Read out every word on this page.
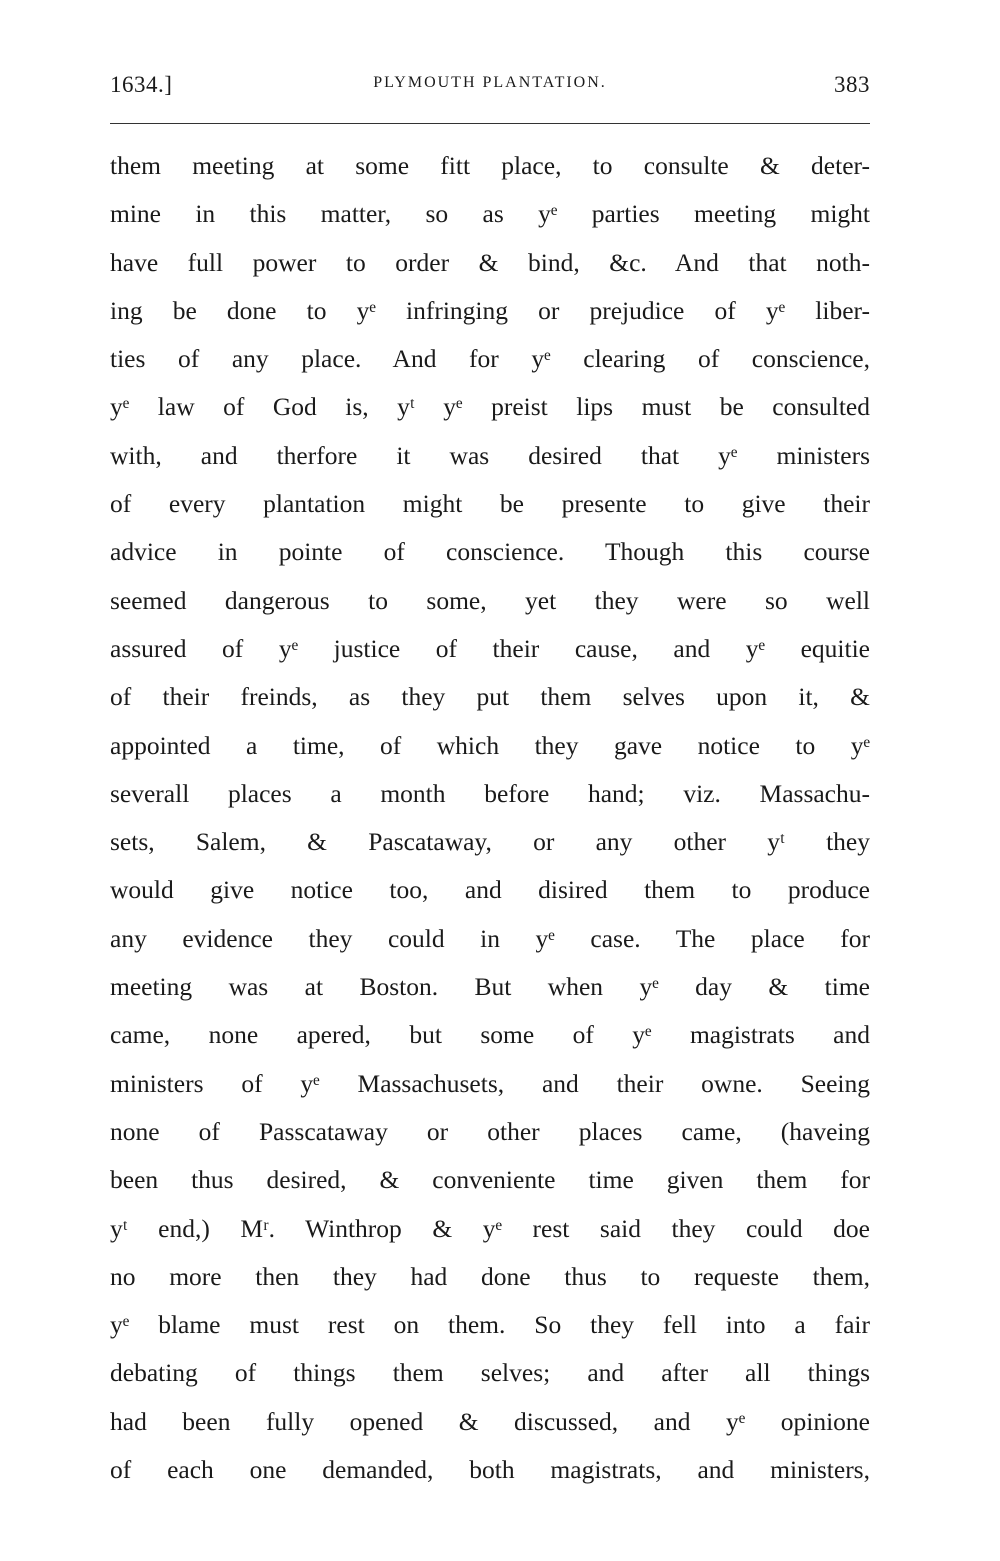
1634.]	PLYMOUTH PLANTATION.	383
them meeting at some fitt place, to consulte & deter-
mine in this matter, so as yᵉ parties meeting might
have full power to order & bind, &c. And that noth-
ing be done to yᵉ infringing or prejudice of yᵉ liber-
ties of any place. And for yᵉ clearing of conscience,
yᵉ law of God is, yᵗ yᵉ preist lips must be consulted
with, and therfore it was desired that yᵉ ministers
of every plantation might be presente to give their
advice in pointe of conscience. Though this course
seemed dangerous to some, yet they were so well
assured of yᵉ justice of their cause, and yᵉ equitie
of their freinds, as they put them selves upon it, &
appointed a time, of which they gave notice to yᵉ
severall places a month before hand; viz. Massachu-
sets, Salem, & Pascataway, or any other yᵗ they
would give notice too, and disired them to produce
any evidence they could in yᵉ case. The place for
meeting was at Boston. But when yᵉ day & time
came, none apered, but some of yᵉ magistrats and
ministers of yᵉ Massachusets, and their owne. Seeing
none of Passcataway or other places came, (haveing
been thus desired, & conveniente time given them for
yᵗ end,) Mʳ. Winthrop & yᵉ rest said they could doe
no more then they had done thus to requeste them,
yᵉ blame must rest on them. So they fell into a fair
debating of things them selves; and after all things
had been fully opened & discussed, and yᵉ opinione
of each one demanded, both magistrats, and ministers,
